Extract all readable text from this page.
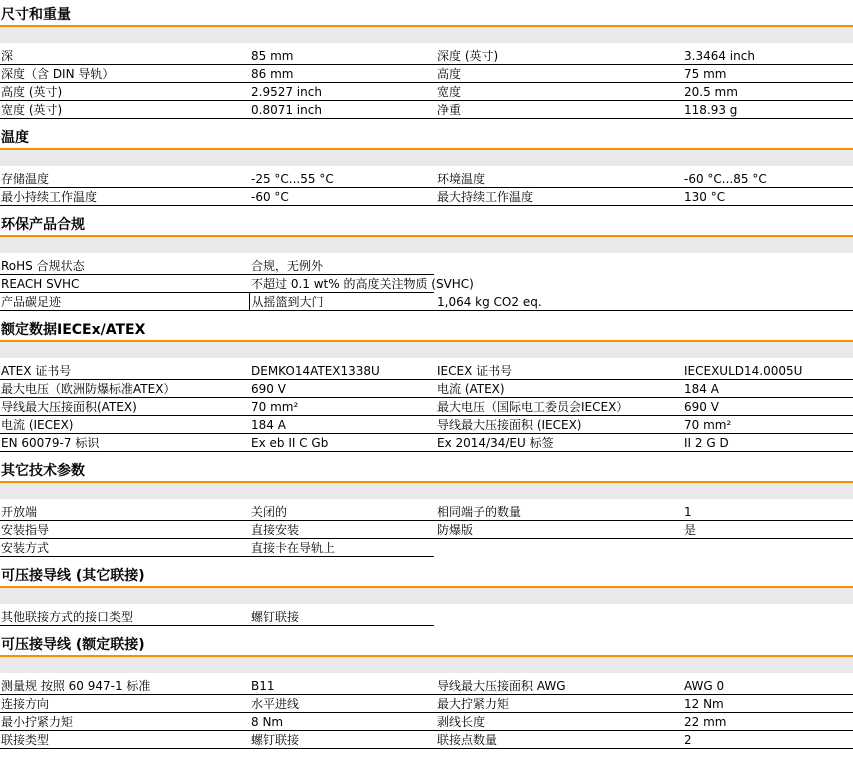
尺寸和重量
深	85 mm	深度 (英寸)	3.3464 inch
深度（含 DIN 导轨）	86 mm	高度	75 mm
高度 (英寸)	2.9527 inch	宽度	20.5 mm
宽度 (英寸)	0.8071 inch	净重	118.93 g
温度
存储温度	-25 °C...55 °C	环境温度	-60 °C...85 °C
最小持续工作温度	-60 °C	最大持续工作温度	130 °C
环保产品合规
RoHS 合规状态	合规，无例外		
REACH SVHC	不超过 0.1 wt% 的高度关注物质 (SVHC)		
产品碳足迹	从摇篮到大门	1,064 kg CO2 eq.	
额定数据IECEx/ATEX
ATEX 证书号	DEMKO14ATEX1338U	IECEX 证书号	IECEXULD14.0005U
最大电压（欧洲防爆标准ATEX）	690 V	电流 (ATEX)	184 A
导线最大压接面积(ATEX)	70 mm²	最大电压（国际电工委员会IECEX）	690 V
电流 (IECEX)	184 A	导线最大压接面积 (IECEX)	70 mm²
EN 60079-7 标识	Ex eb II C Gb	Ex 2014/34/EU 标签	II 2 G D
其它技术参数
开放端	关闭的	相同端子的数量	1
安装指导	直接安装	防爆版	是
安装方式	直接卡在导轨上		
可压接导线 (其它联接)
其他联接方式的接口类型	螺钉联接		
可压接导线 (额定联接)
测量规 按照 60 947-1 标准	B11	导线最大压接面积 AWG	AWG 0
连接方向	水平进线	最大拧紧力矩	12 Nm
最小拧紧力矩	8 Nm	剥线长度	22 mm
联接类型	螺钉联接	联接点数量	2
